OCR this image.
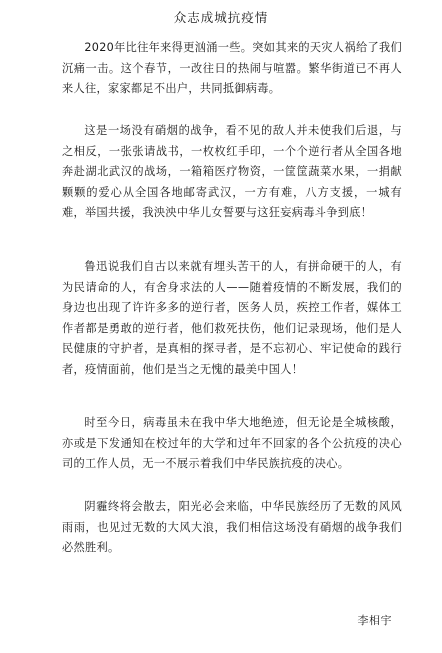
众志成城抗疫情

2020年比往年来得更汹涌一些。突如其来的天灾人祸给了我们沉痛一击。这个春节，一改往日的热闹与喧嚣。繁华街道已不再人来人往，家家都足不出户，共同抵御病毒。

这是一场没有硝烟的战争，看不见的敌人并未使我们后退，与之相反，一张张请战书，一枚枚红手印，一个个逆行者从全国各地奔赴湖北武汉的战场，一箱箱医疗物资，一筐筐蔬菜水果，一捐献颗颗的爱心从全国各地邮寄武汉，一方有难，八方支援，一城有难，举国共援，我泱泱中华儿女誓要与这狂妄病毒斗争到底！

鲁迅说我们自古以来就有埋头苦干的人，有拼命硬干的人，有为民请命的人，有舍身求法的人——随着疫情的不断发展，我们的身边也出现了许许多多的逆行者，医务人员，疾控工作者，媒体工作者都是勇敢的逆行者，他们救死扶伤，他们记录现场，他们是人民健康的守护者，是真相的探寻者，是不忘初心、牢记使命的践行者，疫情面前，他们是当之无愧的最美中国人！

时至今日，病毒虽未在我中华大地绝迹，但无论是全城核酸，亦或是下发通知在校过年的大学和过年不回家的各个公抗疫的决心司的工作人员，无一不展示着我们中华民族抗疫的决心。

阴霾终将会散去，阳光必会来临，中华民族经历了无数的风风雨雨，也见过无数的大风大浪，我们相信这场没有硝烟的战争我们必然胜利。

李相宇
